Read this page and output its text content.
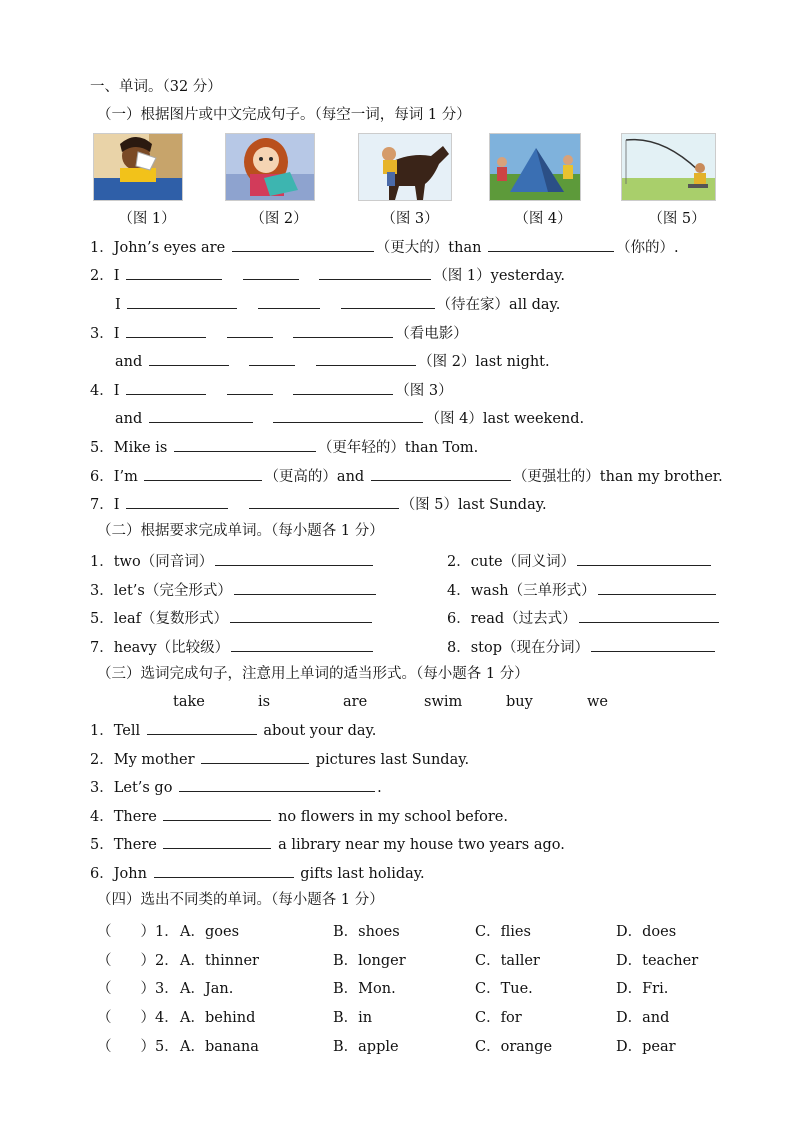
一、单词。（32 分）
（一）根据图片或中文完成句子。（每空一词，每词 1 分）
（图 1）	（图 2）	（图 3）	（图 4）	（图 5）
1．John’s eyes are	（更大的）than	（你的）.
2．I	（图 1）yesterday.
I	（待在家）all day.
3．I	（看电影）
and	（图 2）last night.
4．I	（图 3）
and	（图 4）last weekend.
5．Mike is	（更年轻的）than Tom.
6．I’m	（更高的）and	（更强壮的）than my brother.
7．I	（图 5）last Sunday.
（二）根据要求完成单词。（每小题各 1 分）
1．two（同音词）	2．cute（同义词）
3．let’s（完全形式）	4．wash（三单形式）
5．leaf（复数形式）	6．read（过去式）
7．heavy（比较级）	8．stop（现在分词）
（三）选词完成句子，注意用上单词的适当形式。（每小题各 1 分）
take	is	are	swim	buy	we
1．Tell	about your day.
2．My mother	pictures last Sunday.
3．Let’s go	.
4．There	no flowers in my school before.
5．There	a library near my house two years ago.
6．John	gifts last holiday.
（四）选出不同类的单词。（每小题各 1 分）
（　　） 1． A．goes	B．shoes	C．flies	D．does
（　　） 2． A．thinner	B．longer	C．taller	D．teacher
（　　） 3． A．Jan.	B．Mon.	C．Tue.	D．Fri.
（　　） 4． A．behind	B．in	C．for	D．and
（　　） 5． A．banana	B．apple	C．orange	D．pear
